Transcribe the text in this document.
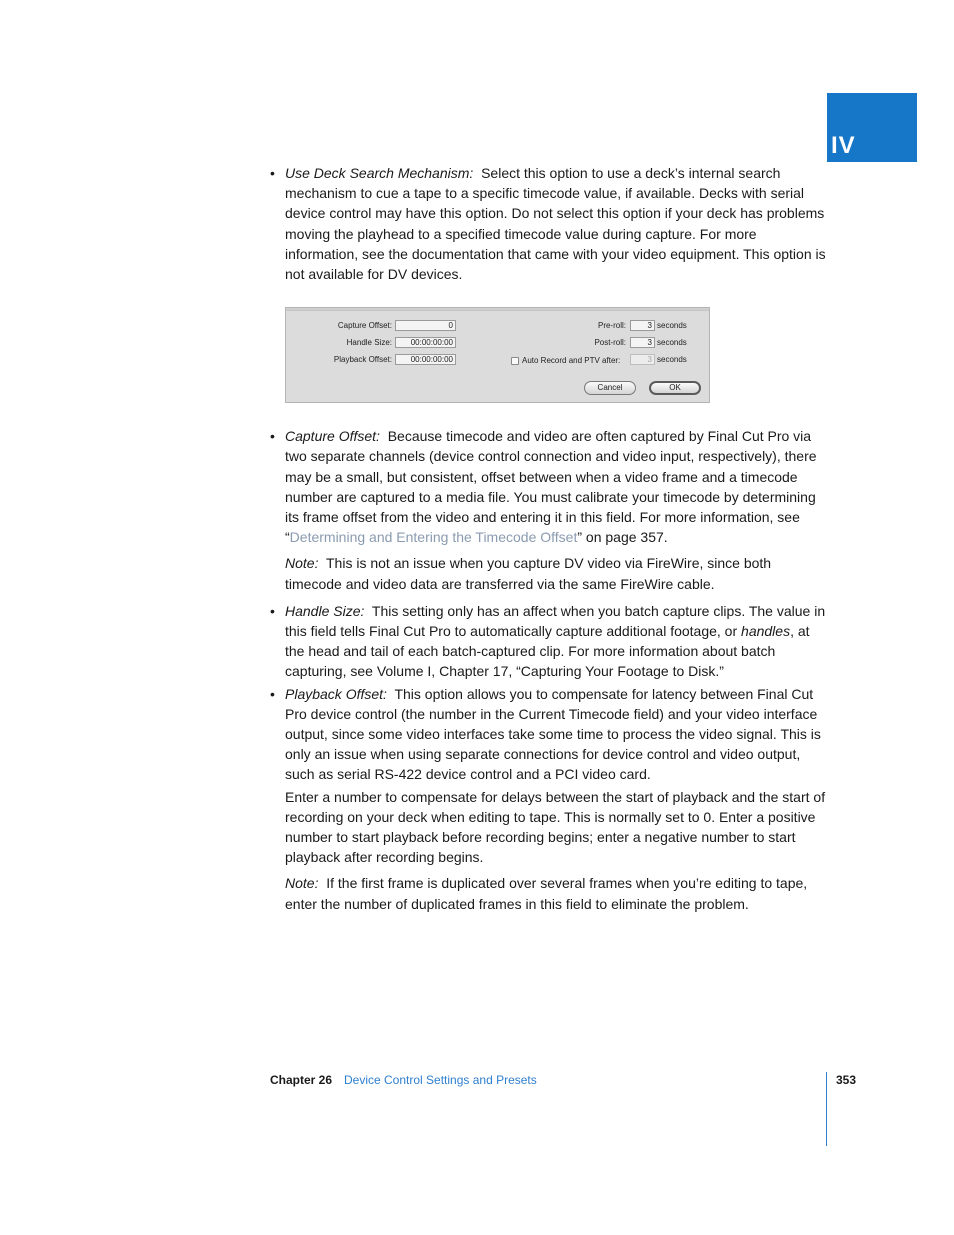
IV
• Use Deck Search Mechanism: Select this option to use a deck’s internal search mechanism to cue a tape to a specific timecode value, if available. Decks with serial device control may have this option. Do not select this option if your deck has problems moving the playhead to a specified timecode value during capture. For more information, see the documentation that came with your video equipment. This option is not available for DV devices.
Capture Offset:	0
Handle Size:	00:00:00:00
Playback Offset:	00:00:00:00
Pre-roll:	3 seconds
Post-roll:	3 seconds
Auto Record and PTV after:	3 seconds
Cancel	OK
• Capture Offset: Because timecode and video are often captured by Final Cut Pro via two separate channels (device control connection and video input, respectively), there may be a small, but consistent, offset between when a video frame and a timecode number are captured to a media file. You must calibrate your timecode by determining its frame offset from the video and entering it in this field. For more information, see “Determining and Entering the Timecode Offset” on page 357.
Note: This is not an issue when you capture DV video via FireWire, since both timecode and video data are transferred via the same FireWire cable.
• Handle Size: This setting only has an affect when you batch capture clips. The value in this field tells Final Cut Pro to automatically capture additional footage, or handles, at the head and tail of each batch-captured clip. For more information about batch capturing, see Volume I, Chapter 17, “Capturing Your Footage to Disk.”
• Playback Offset: This option allows you to compensate for latency between Final Cut Pro device control (the number in the Current Timecode field) and your video interface output, since some video interfaces take some time to process the video signal. This is only an issue when using separate connections for device control and video output, such as serial RS-422 device control and a PCI video card.
Enter a number to compensate for delays between the start of playback and the start of recording on your deck when editing to tape. This is normally set to 0. Enter a positive number to start playback before recording begins; enter a negative number to start playback after recording begins.
Note: If the first frame is duplicated over several frames when you’re editing to tape, enter the number of duplicated frames in this field to eliminate the problem.
Chapter 26 Device Control Settings and Presets	353
